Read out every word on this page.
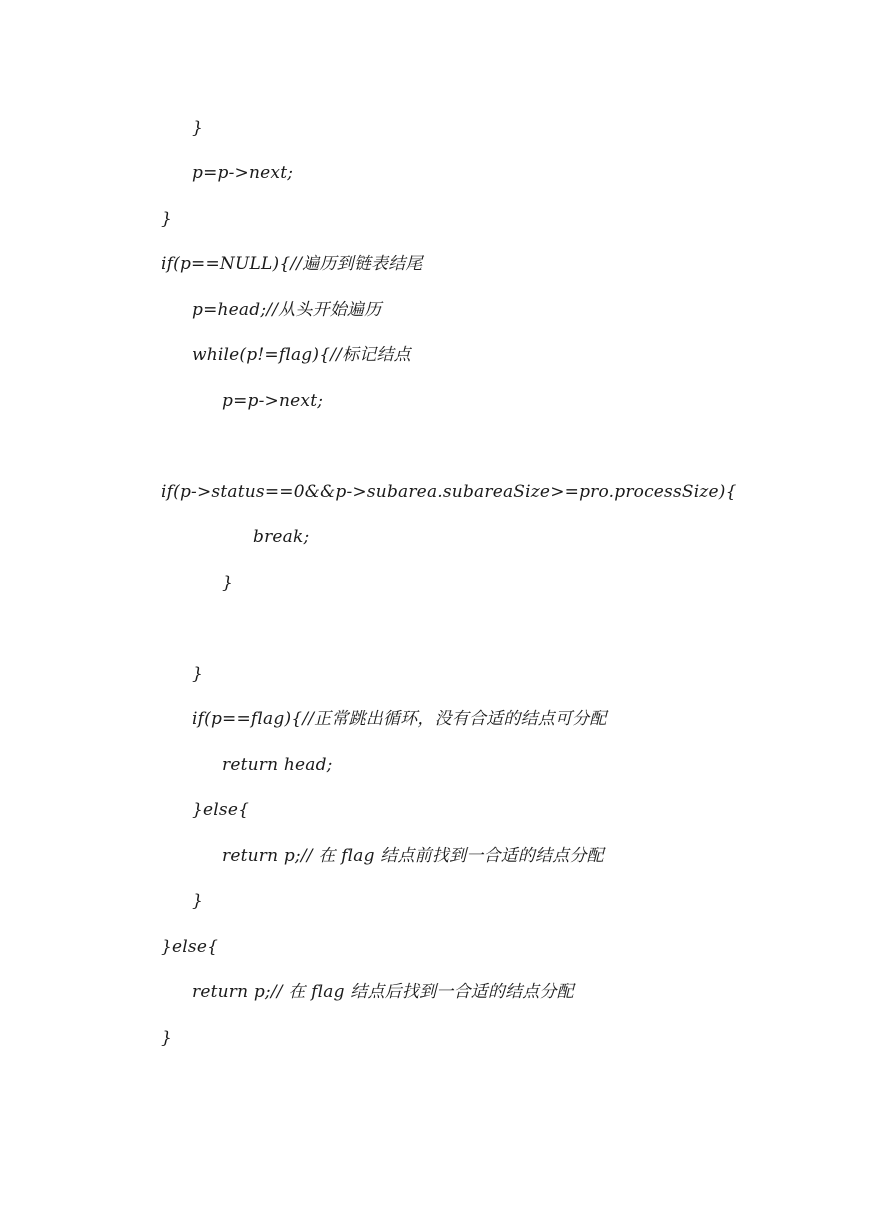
}
p=p->next;
}
if(p==NULL){//遍历到链表结尾
p=head;//从头开始遍历
while(p!=flag){//标记结点
p=p->next;
if(p->status==0&&p->subarea.subareaSize>=pro.processSize){
break;
}
}
if(p==flag){//正常跳出循环，没有合适的结点可分配
return head;
}else{
return p;// 在 flag 结点前找到一合适的结点分配
}
}else{
return p;// 在 flag 结点后找到一合适的结点分配
}
